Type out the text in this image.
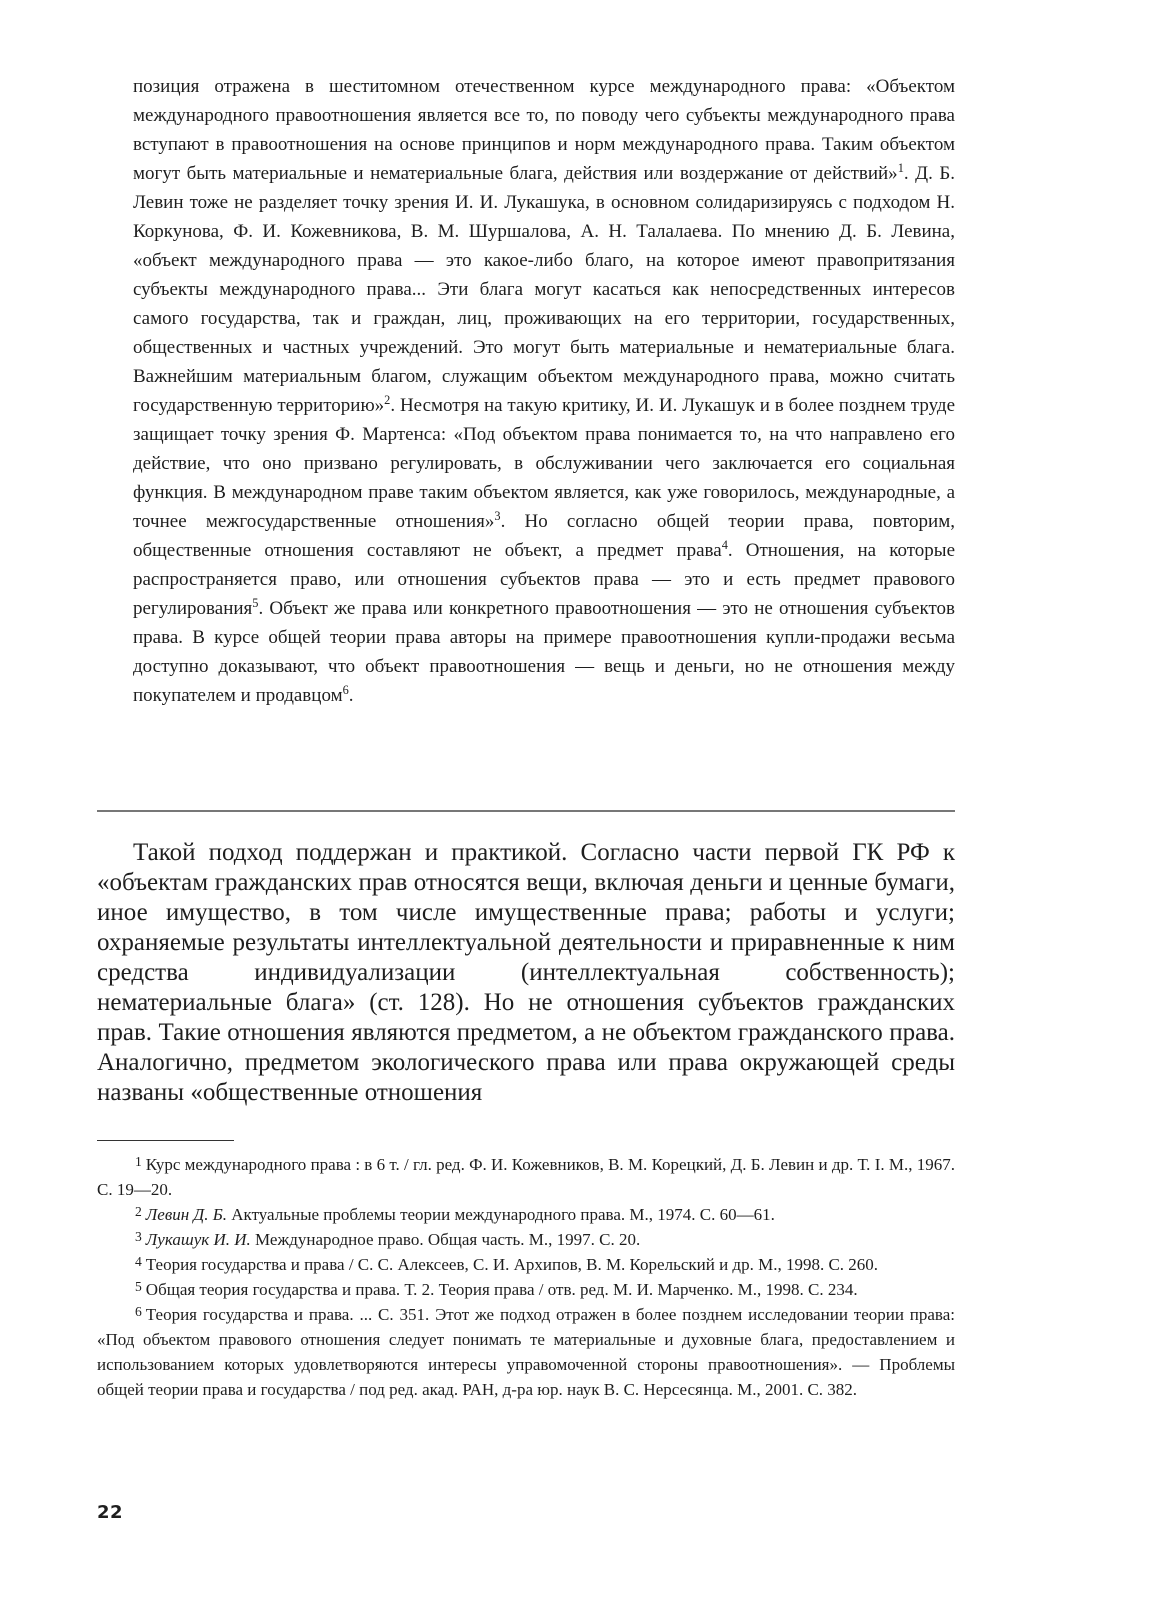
позиция отражена в шеститомном отечественном курсе международного права: «Объектом международного правоотношения является все то, по поводу чего субъекты международного права вступают в правоотношения на основе принципов и норм международного права. Таким объектом могут быть материальные и нематериальные блага, действия или воздержание от действий»$^1$. Д. Б. Левин тоже не разделяет точку зрения И. И. Лукашука, в основном солидаризируясь с подходом Н. Коркунова, Ф. И. Кожевникова, В. М. Шуршалова, А. Н. Талалаева. По мнению Д. Б. Левина, «объект международного права — это какое-либо благо, на которое имеют правопритязания субъекты международного права... Эти блага могут касаться как непосредственных интересов самого государства, так и граждан, лиц, проживающих на его территории, государственных, общественных и частных учреждений. Это могут быть материальные и нематериальные блага. Важнейшим материальным благом, служащим объектом международного права, можно считать государственную территорию»$^2$. Несмотря на такую критику, И. И. Лукашук и в более позднем труде защищает точку зрения Ф. Мартенса: «Под объектом права понимается то, на что направлено его действие, что оно призвано регулировать, в обслуживании чего заключается его социальная функция. В международном праве таким объектом является, как уже говорилось, международные, а точнее межгосударственные отношения»$^3$. Но согласно общей теории права, повторим, общественные отношения составляют не объект, а предмет права$^4$. Отношения, на которые распространяется право, или отношения субъектов права — это и есть предмет правового регулирования$^5$. Объект же права или конкретного правоотношения — это не отношения субъектов права. В курсе общей теории права авторы на примере правоотношения купли-продажи весьма доступно доказывают, что объект правоотношения — вещь и деньги, но не отношения между покупателем и продавцом$^6$.

Такой подход поддержан и практикой. Согласно части первой ГК РФ к «объектам гражданских прав относятся вещи, включая деньги и ценные бумаги, иное имущество, в том числе имущественные права; работы и услуги; охраняемые результаты интеллектуальной деятельности и приравненные к ним средства индивидуализации (интеллектуальная собственность); нематериальные блага» (ст. 128). Но не отношения субъектов гражданских прав. Такие отношения являются предметом, а не объектом гражданского права. Аналогично, предметом экологического права или права окружающей среды названы «общественные отношения

$^1$ Курс международного права : в 6 т. / гл. ред. Ф. И. Кожевников, В. М. Корецкий, Д. Б. Левин и др. Т. I. М., 1967. С. 19—20.

$^2$ Левин Д. Б. Актуальные проблемы теории международного права. М., 1974. С. 60—61.

$^3$ Лукашук И. И. Международное право. Общая часть. М., 1997. С. 20.

$^4$ Теория государства и права / С. С. Алексеев, С. И. Архипов, В. М. Корельский и др. М., 1998. С. 260.

$^5$ Общая теория государства и права. Т. 2. Теория права / отв. ред. М. И. Марченко. М., 1998. С. 234.

$^6$ Теория государства и права. ... С. 351. Этот же подход отражен в более позднем исследовании теории права: «Под объектом правового отношения следует понимать те материальные и духовные блага, предоставлением и использованием которых удовлетворяются интересы управомоченной стороны правоотношения». — Проблемы общей теории права и государства / под ред. акад. РАН, д-ра юр. наук В. С. Нерсесянца. М., 2001. С. 382.

22
